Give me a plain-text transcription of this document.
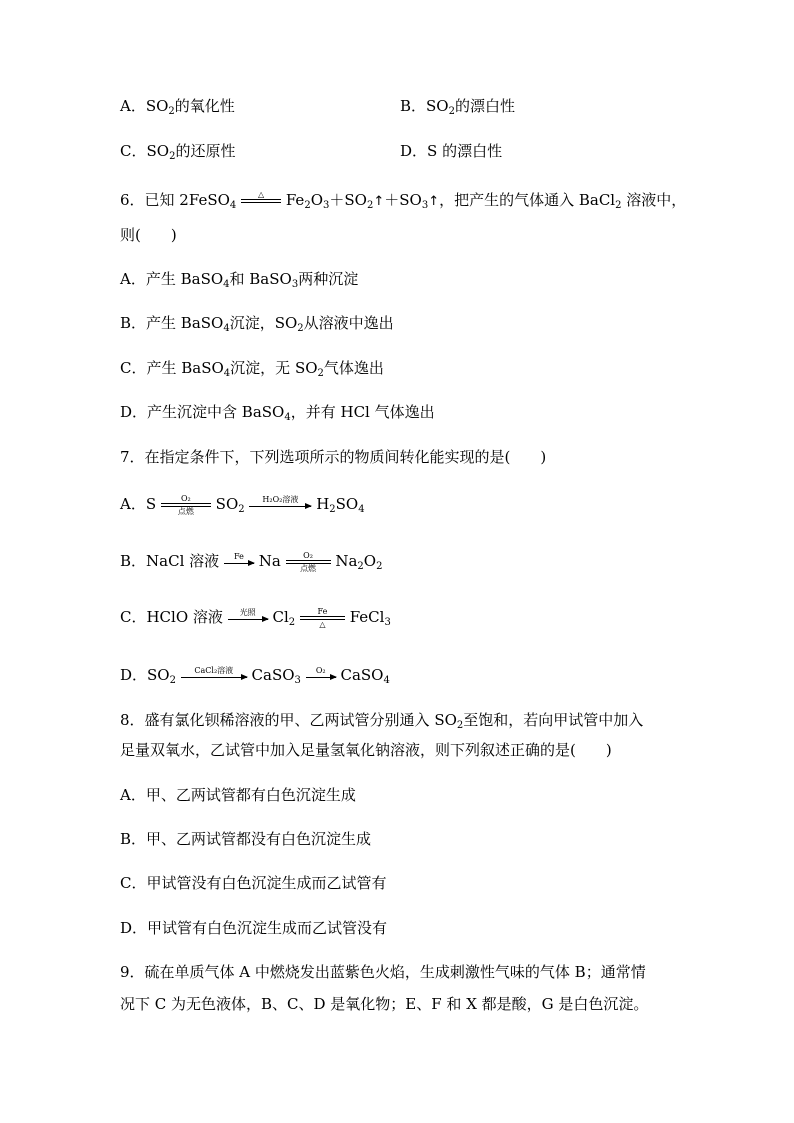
A．$SO_2$的氧化性	B．$SO_2$的漂白性
C．$SO_2$的还原性	D．S 的漂白性
6．已知 2FeSO$_4$
△	$Fe_2O_3+SO_2↑+SO_3↑$，把产生的气体通入 BaCl$_2$ 溶液中，
则(　　)
A．产生 BaSO$_4$和 BaSO$_3$两种沉淀
B．产生 BaSO$_4$沉淀，$SO_2$从溶液中逸出
C．产生 BaSO$_4$沉淀，无 $SO_2$气体逸出
D．产生沉淀中含 BaSO$_4$，并有 HCl 气体逸出
7．在指定条件下，下列选项所示的物质间转化能实现的是(　　)
A．S	O₂
点燃	$SO_2$
H₂O₂溶液	$H_2SO_4$
B．NaCl 溶液	Fe Na	O₂
点燃	$Na_2O_2$
C．HClO 溶液	光照	$Cl_2$
Fe
△	FeCl$_3$
D．$SO_2$
CaCl₂溶液	CaSO$_3$
O₂ CaSO$_4$
8．盛有氯化钡稀溶液的甲、乙两试管分别通入 $SO_2$至饱和，若向甲试管中加入
足量双氧水，乙试管中加入足量氢氧化钠溶液，则下列叙述正确的是(　　)
A．甲、乙两试管都有白色沉淀生成
B．甲、乙两试管都没有白色沉淀生成
C．甲试管没有白色沉淀生成而乙试管有
D．甲试管有白色沉淀生成而乙试管没有
9．硫在单质气体 A 中燃烧发出蓝紫色火焰，生成刺激性气味的气体 B；通常情
况下 C 为无色液体，B、C、D 是氧化物；E、F 和 X 都是酸，G 是白色沉淀。
